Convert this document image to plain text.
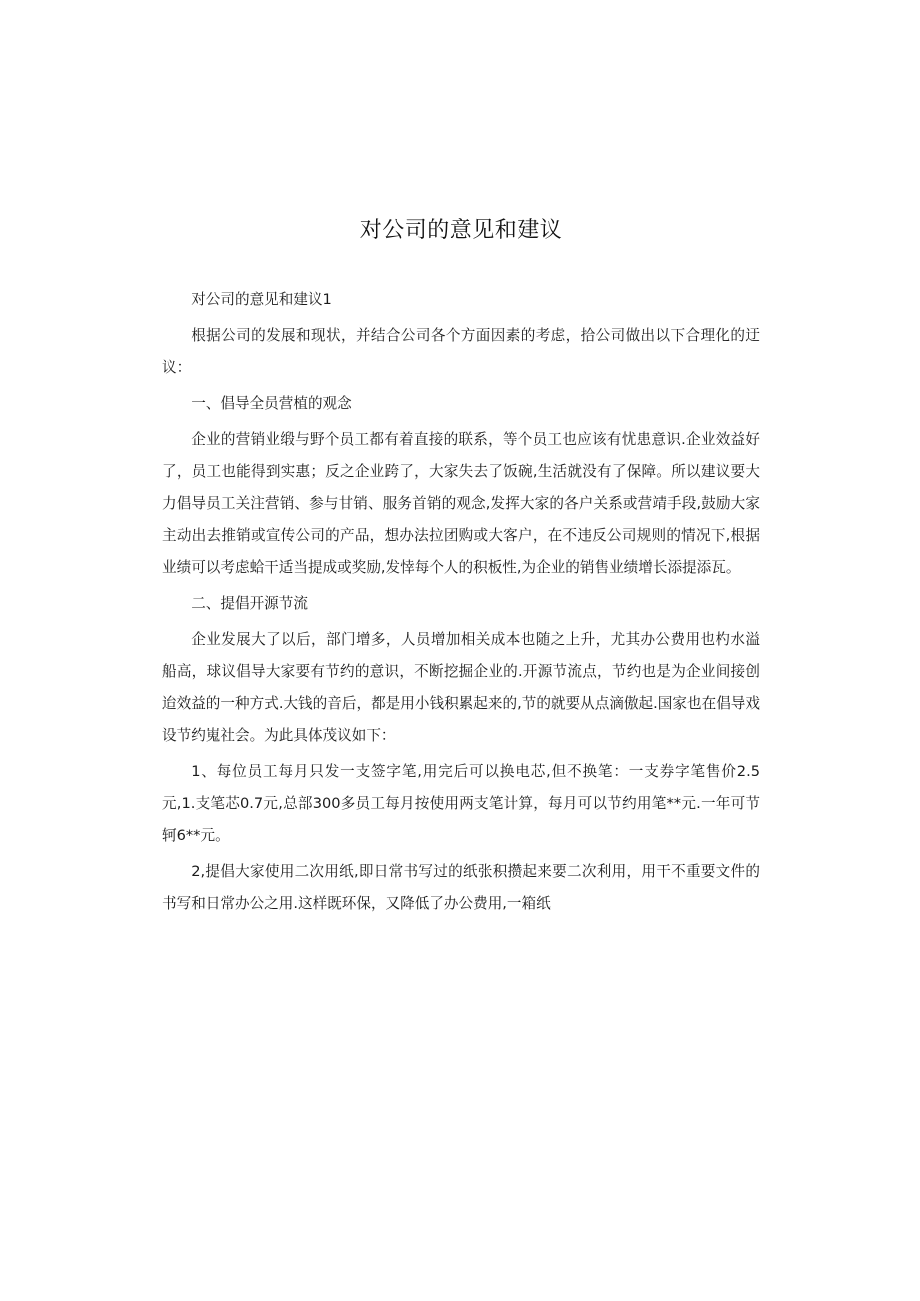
对公司的意见和建议

对公司的意见和建议1

根据公司的发展和现状，并结合公司各个方面因素的考虑，拾公司做出以下合理化的迂议：

一、倡导全员营植的观念

企业的营销业缎与野个员工都有着直接的联系，等个员工也应该有忧患意识.企业效益好了，员工也能得到实惠；反之企业跨了，大家失去了饭碗,生活就没有了保障。所以建议要大力倡导员工关注营销、参与甘销、服务首销的观念,发挥大家的各户关系或营靖手段,鼓励大家主动出去推销或宣传公司的产品，想办法拉团购或大客户，在不违反公司规则的情况下,根据业绩可以考虑蛤干适当提成或奖励,发悻每个人的积板性,为企业的销售业绩增长添提添瓦。

二、提倡开源节流

企业发展大了以后，部门增多，人员增加相关成本也随之上升，尤其办公费用也杓水溢船高，球议倡导大家要有节约的意识，不断挖掘企业的.开源节流点，节约也是为企业间接创迨效益的一种方式.大钱的音后，都是用小钱积累起来的,节的就要从点滴傲起.国家也在倡导戏设节约嵬社会。为此具体茂议如下：

1、每位员工每月只发一支签字笔,用完后可以换电芯,但不换笔：一支券字笔售价2.5元,1.支笔芯0.7元,总部300多员工每月按使用两支笔计算，每月可以节约用笔**元.一年可节轲6**元。

2,提倡大家使用二次用纸,即日常书写过的纸张积攒起来要二次利用，用干不重要文件的书写和日常办公之用.这样既环保，又降低了办公费用,一箱纸
